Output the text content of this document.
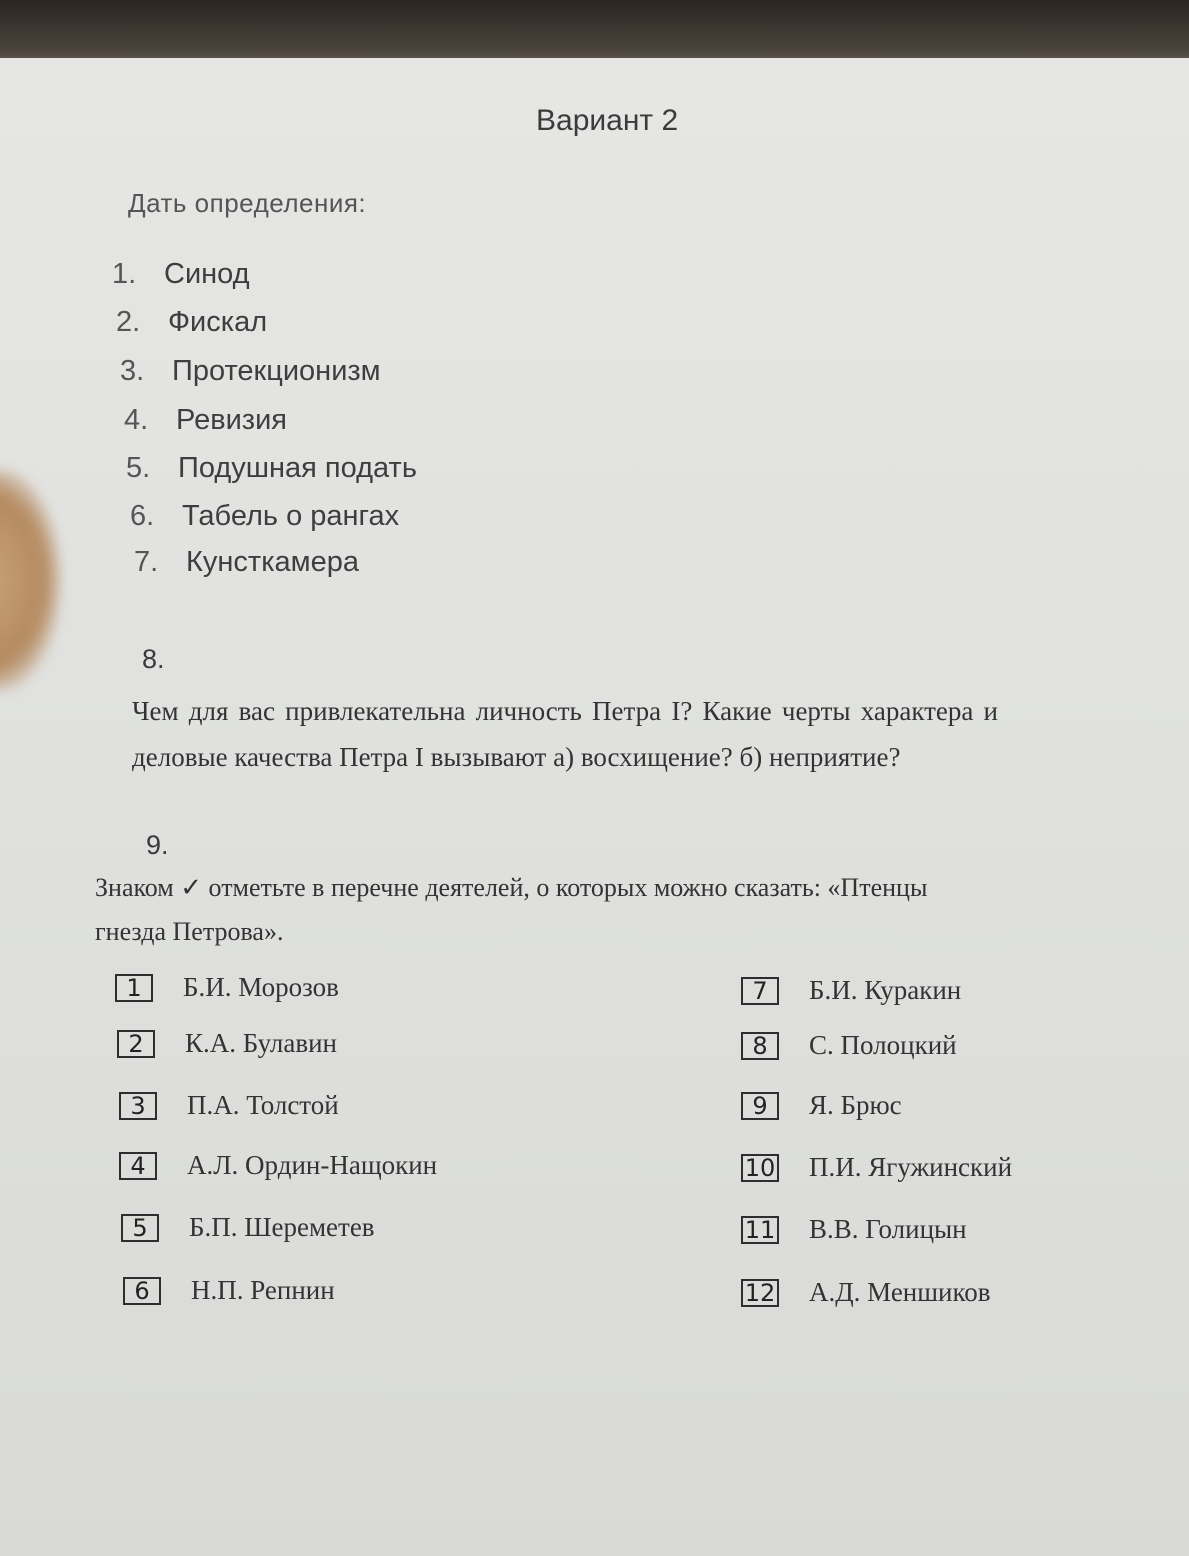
Вариант 2
Дать определения:
1. Синод
2. Фискал
3. Протекционизм
4. Ревизия
5. Подушная подать
6. Табель о рангах
7. Кунсткамера
8.
Чем для вас привлекательна личность Петра I? Какие черты характера и деловые качества Петра I вызывают а) восхищение? б) неприятие?
9.
Знаком ✓ отметьте в перечне деятелей, о которых можно сказать: «Птенцы гнезда Петрова».
1	Б.И. Морозов
2	К.А. Булавин
3	П.А. Толстой
4	А.Л. Ордин-Нащокин
5	Б.П. Шереметев
6	Н.П. Репнин
7	Б.И. Куракин
8	С. Полоцкий
9	Я. Брюс
10 П.И. Ягужинский
11 В.В. Голицын
12 А.Д. Меншиков
